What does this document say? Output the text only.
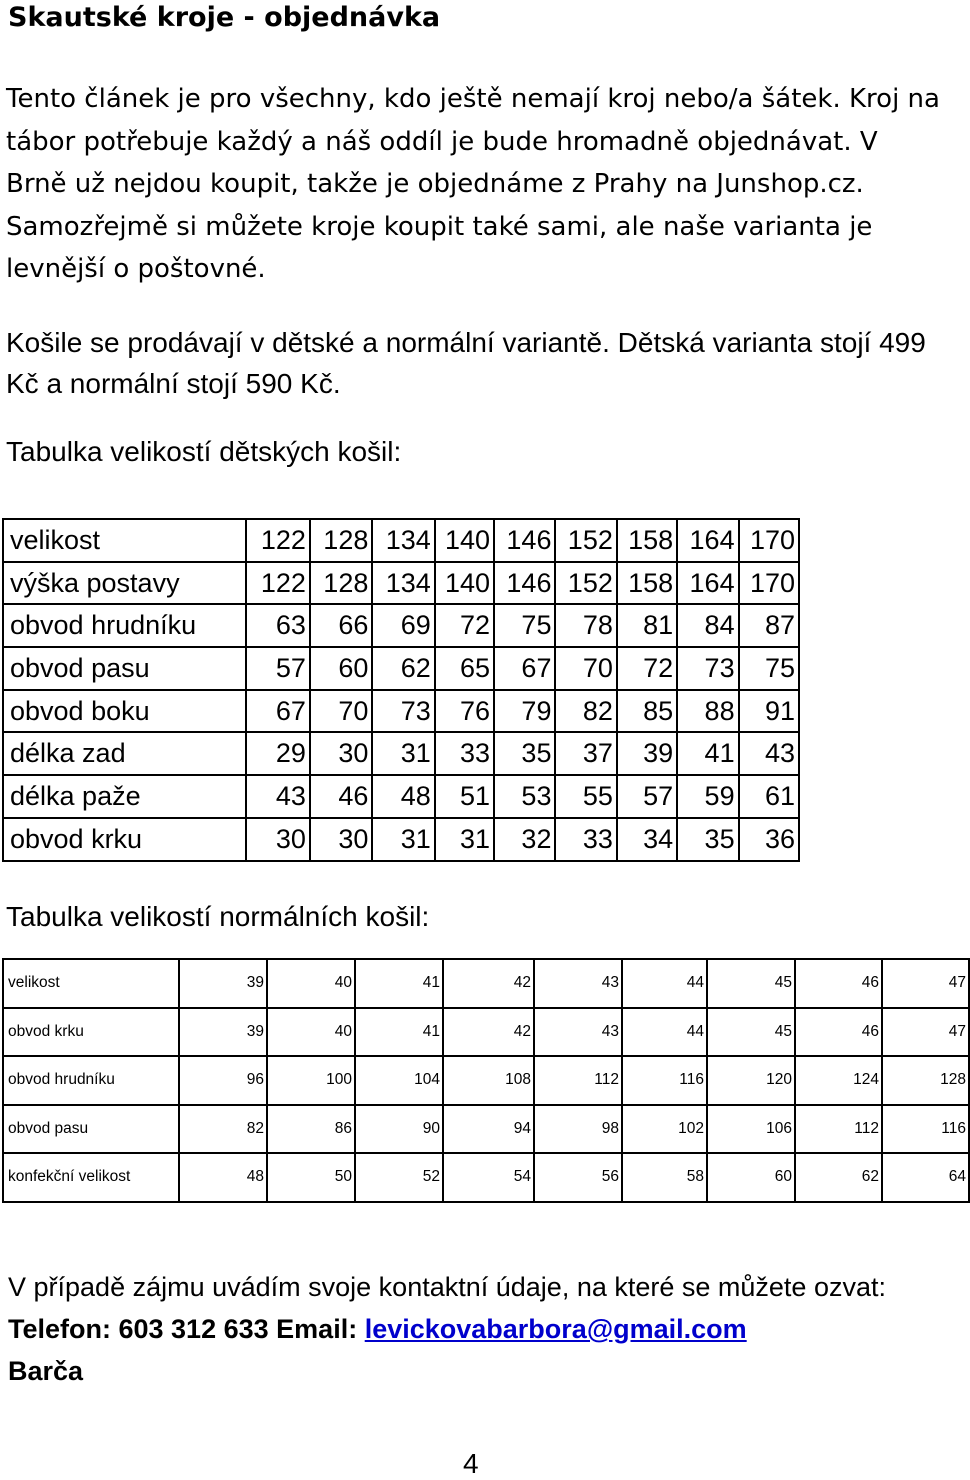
Skautské kroje - objednávka

Tento článek je pro všechny, kdo ještě nemají kroj nebo/a šátek. Kroj na tábor potřebuje každý a náš oddíl je bude hromadně objednávat. V Brně už nejdou koupit, takže je objednáme z Prahy na Junshop.cz. Samozřejmě si můžete kroje koupit také sami, ale naše varianta je levnější o poštovné.

Košile se prodávají v dětské a normální variantě. Dětská varianta stojí 499 Kč a normální stojí 590 Kč.

Tabulka velikostí dětských košil:

velikost	122	128	134	140	146	152	158	164	170
výška postavy	122	128	134	140	146	152	158	164	170
obvod hrudníku	63	66	69	72	75	78	81	84	87
obvod pasu	57	60	62	65	67	70	72	73	75
obvod boku	67	70	73	76	79	82	85	88	91
délka zad	29	30	31	33	35	37	39	41	43
délka paže	43	46	48	51	53	55	57	59	61
obvod krku	30	30	31	31	32	33	34	35	36

Tabulka velikostí normálních košil:

velikost	39	40	41	42	43	44	45	46	47
obvod krku	39	40	41	42	43	44	45	46	47
obvod hrudníku	96	100	104	108	112	116	120	124	128
obvod pasu	82	86	90	94	98	102	106	112	116
konfekční velikost	48	50	52	54	56	58	60	62	64

V případě zájmu uvádím svoje kontaktní údaje, na které se můžete ozvat: Telefon: 603 312 633 Email: levickovabarbora@gmail.com
Barča

4
